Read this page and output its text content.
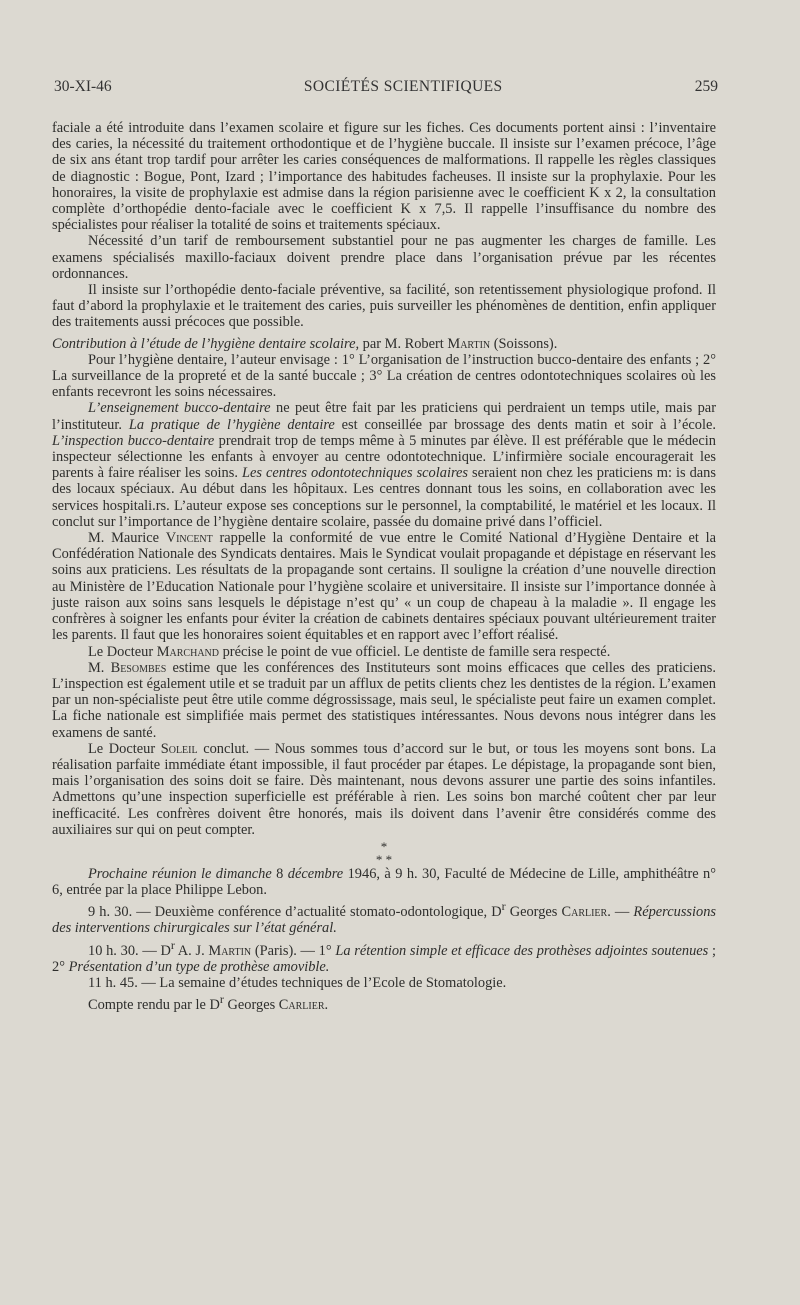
30-XI-46	SOCIÉTÉS SCIENTIFIQUES	259

faciale a été introduite dans l’examen scolaire et figure sur les fiches. Ces documents portent ainsi : l’inventaire des caries, la nécessité du traitement orthodontique et de l’hygiène buccale. Il insiste sur l’examen précoce, l’âge de six ans étant trop tardif pour arrêter les caries conséquences de malformations. Il rappelle les règles classiques de diagnostic : Bogue, Pont, Izard ; l’importance des habitudes facheuses. Il insiste sur la prophylaxie. Pour les honoraires, la visite de prophylaxie est admise dans la région parisienne avec le coefficient K x 2, la consultation complète d’orthopédie dento-faciale avec le coefficient K x 7,5. Il rappelle l’insuffisance du nombre des spécialistes pour réaliser la totalité de soins et traitements spéciaux.

Nécessité d’un tarif de remboursement substantiel pour ne pas augmenter les charges de famille. Les examens spécialisés maxillo-faciaux doivent prendre place dans l’organisation prévue par les récentes ordonnances.

Il insiste sur l’orthopédie dento-faciale préventive, sa facilité, son retentissement physiologique profond. Il faut d’abord la prophylaxie et le traitement des caries, puis surveiller les phénomènes de dentition, enfin appliquer des traitements aussi précoces que possible.

Contribution à l’étude de l’hygiène dentaire scolaire, par M. Robert Martin (Soissons).

Pour l’hygiène dentaire, l’auteur envisage : 1° L’organisation de l’instruction bucco-dentaire des enfants ; 2° La surveillance de la propreté et de la santé buccale ; 3° La création de centres odontotechniques scolaires où les enfants recevront les soins nécessaires.

L’enseignement bucco-dentaire ne peut être fait par les praticiens qui perdraient un temps utile, mais par l’instituteur. La pratique de l’hygiène dentaire est conseillée par brossage des dents matin et soir à l’école. L’inspection bucco-dentaire prendrait trop de temps même à 5 minutes par élève. Il est préférable que le médecin inspecteur sélectionne les enfants à envoyer au centre odontotechnique. L’infirmière sociale encouragerait les parents à faire réaliser les soins. Les centres odontotechniques scolaires seraient non chez les praticiens m: is dans des locaux spéciaux. Au début dans les hôpitaux. Les centres donnant tous les soins, en collaboration avec les services hospitali.rs. L’auteur expose ses conceptions sur le personnel, la comptabilité, le matériel et les locaux. Il conclut sur l’importance de l’hygiène dentaire scolaire, passée du domaine privé dans l’officiel.

M. Maurice Vincent rappelle la conformité de vue entre le Comité National d’Hygiène Dentaire et la Confédération Nationale des Syndicats dentaires. Mais le Syndicat voulait propagande et dépistage en réservant les soins aux praticiens. Les résultats de la propagande sont certains. Il souligne la création d’une nouvelle direction au Ministère de l’Education Nationale pour l’hygiène scolaire et universitaire. Il insiste sur l’importance donnée à juste raison aux soins sans lesquels le dépistage n’est qu’ « un coup de chapeau à la maladie ». Il engage les confrères à soigner les enfants pour éviter la création de cabinets dentaires spéciaux pouvant ultérieurement traiter les parents. Il faut que les honoraires soient équitables et en rapport avec l’effort réalisé.

Le Docteur Marchand précise le point de vue officiel. Le dentiste de famille sera respecté.

M. Besombes estime que les conférences des Instituteurs sont moins efficaces que celles des praticiens. L’inspection est également utile et se traduit par un afflux de petits clients chez les dentistes de la région. L’examen par un non-spécialiste peut être utile comme dégrossissage, mais seul, le spécialiste peut faire un examen complet. La fiche nationale est simplifiée mais permet des statistiques intéressantes. Nous devons nous intégrer dans les examens de santé.

Le Docteur Soleil conclut. — Nous sommes tous d’accord sur le but, or tous les moyens sont bons. La réalisation parfaite immédiate étant impossible, il faut procéder par étapes. Le dépistage, la propagande sont bien, mais l’organisation des soins doit se faire. Dès maintenant, nous devons assurer une partie des soins infantiles. Admettons qu’une inspection superficielle est préférable à rien. Les soins bon marché coûtent cher par leur inefficacité. Les confrères doivent être honorés, mais ils doivent dans l’avenir être considérés comme des auxiliaires sur qui on peut compter.

*
* *

Prochaine réunion le dimanche 8 décembre 1946, à 9 h. 30, Faculté de Médecine de Lille, amphithéâtre n° 6, entrée par la place Philippe Lebon.

9 h. 30. — Deuxième conférence d’actualité stomato-odontologique, $D^r$ Georges Carlier. — Répercussions des interventions chirurgicales sur l’état général.

10 h. 30. — $D^r$ A. J. Martin (Paris). — 1° La rétention simple et efficace des prothèses adjointes soutenues ; 2° Présentation d’un type de prothèse amovible.

11 h. 45. — La semaine d’études techniques de l’Ecole de Stomatologie.

Compte rendu par le $D^r$ Georges Carlier.
